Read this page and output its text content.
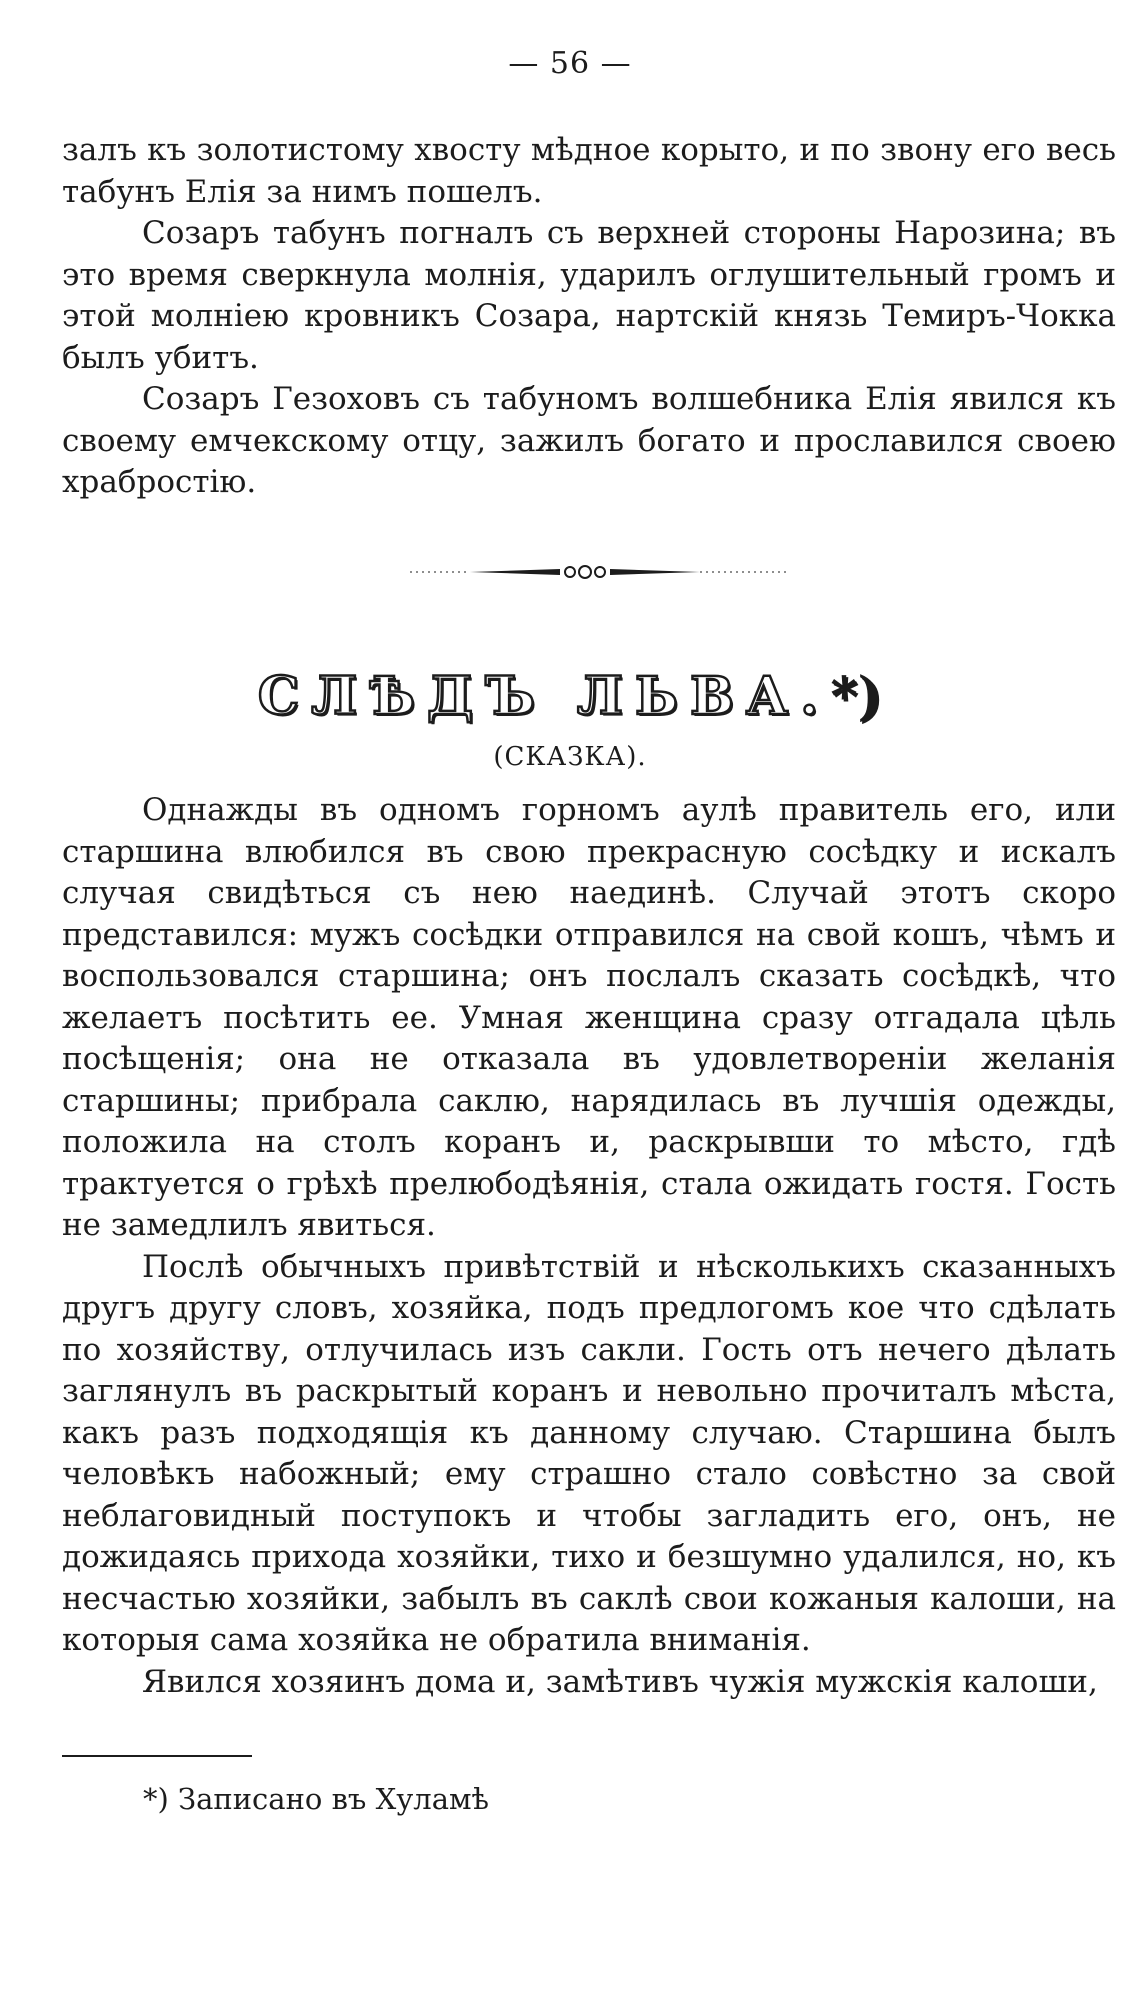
— 56 —

залъ къ золотистому хвосту мѣдное корыто, и по звону его весь табунъ Елія за нимъ пошелъ.

Созаръ табунъ погналъ съ верхней стороны Нарозина; въ это время сверкнула молнія, ударилъ оглушительный громъ и этой молніею кровникъ Созара, нартскій князь Темиръ-Чокка былъ убитъ.

Созаръ Гезоховъ съ табуномъ волшебника Елія явился къ своему емчекскому отцу, зажилъ богато и прославился своею храбростію.

СЛѢДЪ ЛЬВА.*)
(СКАЗКА).

Однажды въ одномъ горномъ аулѣ правитель его, или старшина влюбился въ свою прекрасную сосѣдку и искалъ случая свидѣться съ нею наединѣ. Случай этотъ скоро представился: мужъ сосѣдки отправился на свой кошъ, чѣмъ и воспользовался старшина; онъ послалъ сказать сосѣдкѣ, что желаетъ посѣтить ее. Умная женщина сразу отгадала цѣль посѣщенія; она не отказала въ удовлетвореніи желанія старшины; прибрала саклю, нарядилась въ лучшія одежды, положила на столъ коранъ и, раскрывши то мѣсто, гдѣ трактуется о грѣхѣ прелюбодѣянія, стала ожидать гостя. Гость не замедлилъ явиться.

Послѣ обычныхъ привѣтствій и нѣсколькихъ сказанныхъ другъ другу словъ, хозяйка, подъ предлогомъ кое что сдѣлать по хозяйству, отлучилась изъ сакли. Гость отъ нечего дѣлать заглянулъ въ раскрытый коранъ и невольно прочиталъ мѣста, какъ разъ подходящія къ данному случаю. Старшина былъ человѣкъ набожный; ему страшно стало совѣстно за свой неблаговидный поступокъ и чтобы загладить его, онъ, не дожидаясь прихода хозяйки, тихо и безшумно удалился, но, къ несчастью хозяйки, забылъ въ саклѣ свои кожаныя калоши, на которыя сама хозяйка не обратила вниманія.

Явился хозяинъ дома и, замѣтивъ чужія мужскія калоши,

*) Записано въ Хуламѣ
